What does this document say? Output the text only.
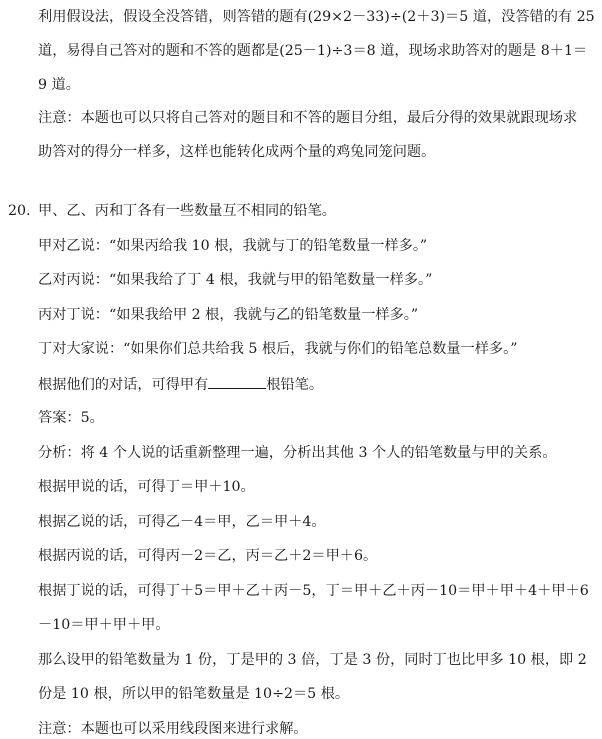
利用假设法，假设全没答错，则答错的题有(29×2－33)÷(2＋3)＝5 道，没答错的有 25
道，易得自己答对的题和不答的题都是(25－1)÷3＝8 道，现场求助答对的题是 8＋1＝
9 道。
注意：本题也可以只将自己答对的题目和不答的题目分组，最后分得的效果就跟现场求
助答对的得分一样多，这样也能转化成两个量的鸡兔同笼问题。
20. 甲、乙、丙和丁各有一些数量互不相同的铅笔。
甲对乙说：“如果丙给我 10 根，我就与丁的铅笔数量一样多。”
乙对丙说：“如果我给了丁 4 根，我就与甲的铅笔数量一样多。”
丙对丁说：“如果我给甲 2 根，我就与乙的铅笔数量一样多。”
丁对大家说：“如果你们总共给我 5 根后，我就与你们的铅笔总数量一样多。”
根据他们的对话，可得甲有	根铅笔。
答案：5。
分析：将 4 个人说的话重新整理一遍，分析出其他 3 个人的铅笔数量与甲的关系。
根据甲说的话，可得丁＝甲＋10。
根据乙说的话，可得乙－4＝甲，乙＝甲＋4。
根据丙说的话，可得丙－2＝乙，丙＝乙＋2＝甲＋6。
根据丁说的话，可得丁＋5＝甲＋乙＋丙－5，丁＝甲＋乙＋丙－10＝甲＋甲＋4＋甲＋6
－10＝甲＋甲＋甲。
那么设甲的铅笔数量为 1 份，丁是甲的 3 倍，丁是 3 份，同时丁也比甲多 10 根，即 2
份是 10 根，所以甲的铅笔数量是 10÷2＝5 根。
注意：本题也可以采用线段图来进行求解。
